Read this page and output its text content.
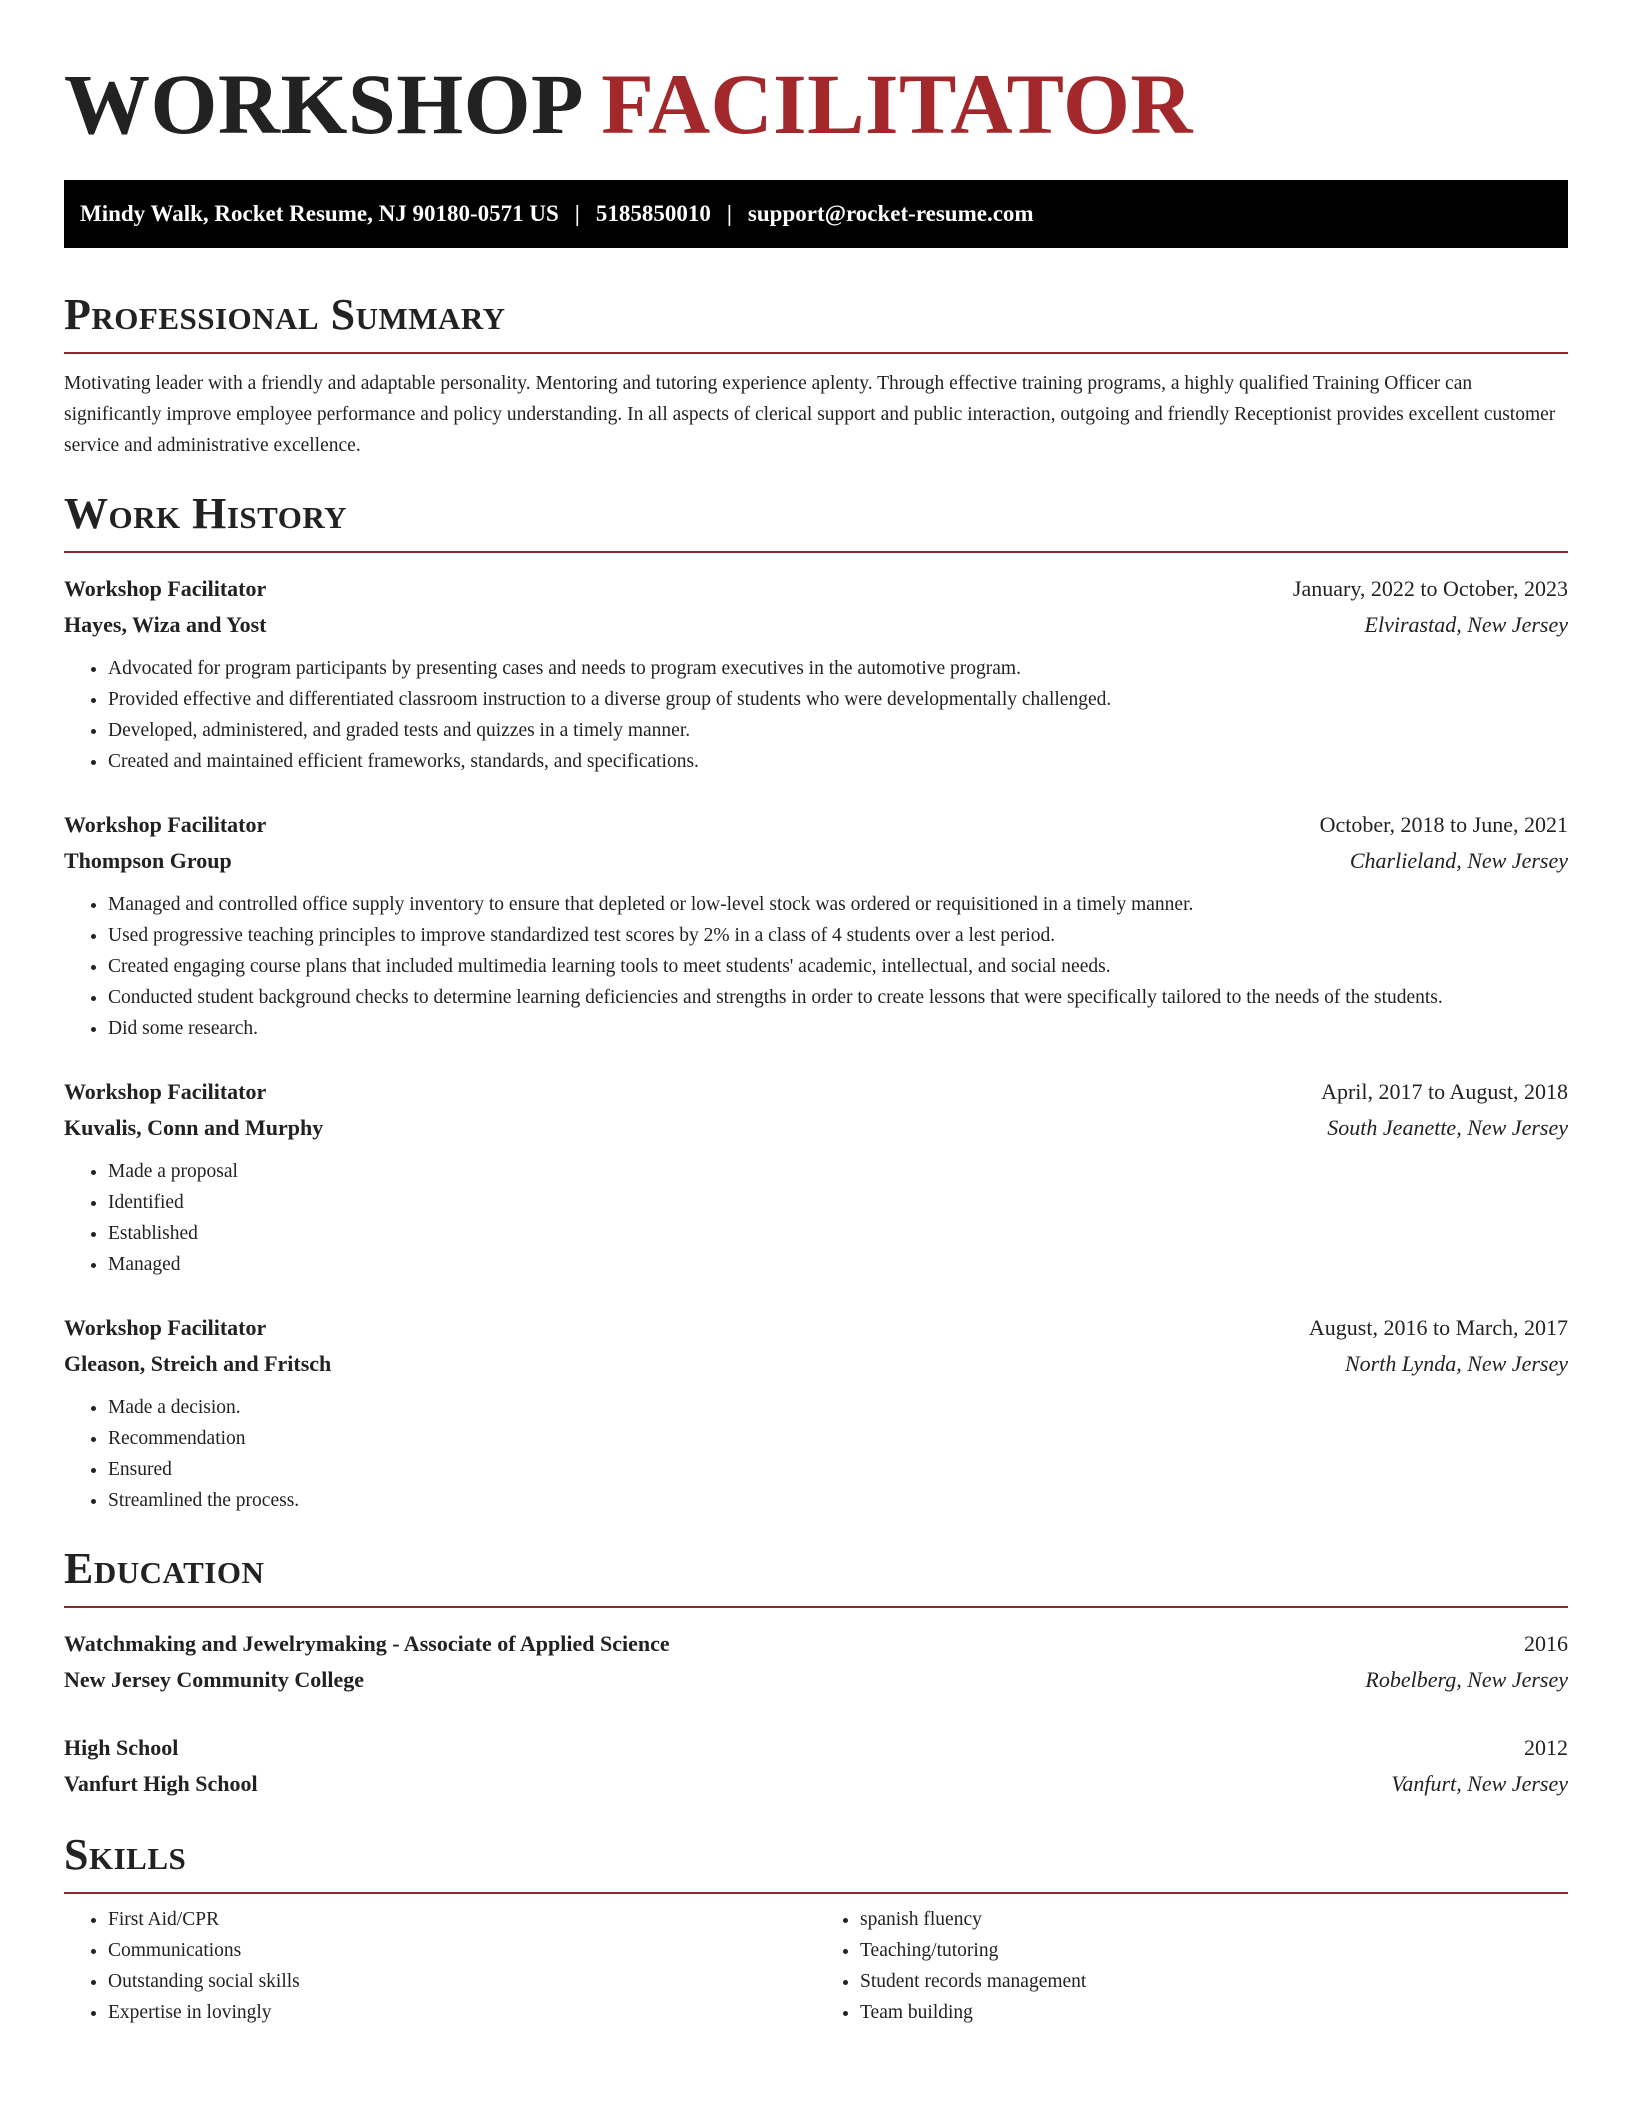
WORKSHOP FACILITATOR
Mindy Walk, Rocket Resume, NJ 90180-0571 US | 5185850010 | support@rocket-resume.com
Professional Summary
Motivating leader with a friendly and adaptable personality. Mentoring and tutoring experience aplenty. Through effective training programs, a highly qualified Training Officer can significantly improve employee performance and policy understanding. In all aspects of clerical support and public interaction, outgoing and friendly Receptionist provides excellent customer service and administrative excellence.
Work History
Workshop Facilitator	January, 2022 to October, 2023
Hayes, Wiza and Yost	Elvirastad, New Jersey
• Advocated for program participants by presenting cases and needs to program executives in the automotive program.
• Provided effective and differentiated classroom instruction to a diverse group of students who were developmentally challenged.
• Developed, administered, and graded tests and quizzes in a timely manner.
• Created and maintained efficient frameworks, standards, and specifications.
Workshop Facilitator	October, 2018 to June, 2021
Thompson Group	Charlieland, New Jersey
• Managed and controlled office supply inventory to ensure that depleted or low-level stock was ordered or requisitioned in a timely manner.
• Used progressive teaching principles to improve standardized test scores by 2% in a class of 4 students over a lest period.
• Created engaging course plans that included multimedia learning tools to meet students' academic, intellectual, and social needs.
• Conducted student background checks to determine learning deficiencies and strengths in order to create lessons that were specifically tailored to the needs of the students.
• Did some research.
Workshop Facilitator	April, 2017 to August, 2018
Kuvalis, Conn and Murphy	South Jeanette, New Jersey
• Made a proposal
• Identified
• Established
• Managed
Workshop Facilitator	August, 2016 to March, 2017
Gleason, Streich and Fritsch	North Lynda, New Jersey
• Made a decision.
• Recommendation
• Ensured
• Streamlined the process.
Education
Watchmaking and Jewelrymaking - Associate of Applied Science	2016
New Jersey Community College	Robelberg, New Jersey
High School	2012
Vanfurt High School	Vanfurt, New Jersey
Skills
• First Aid/CPR
• Communications
• Outstanding social skills
• Expertise in lovingly
• spanish fluency
• Teaching/tutoring
• Student records management
• Team building
